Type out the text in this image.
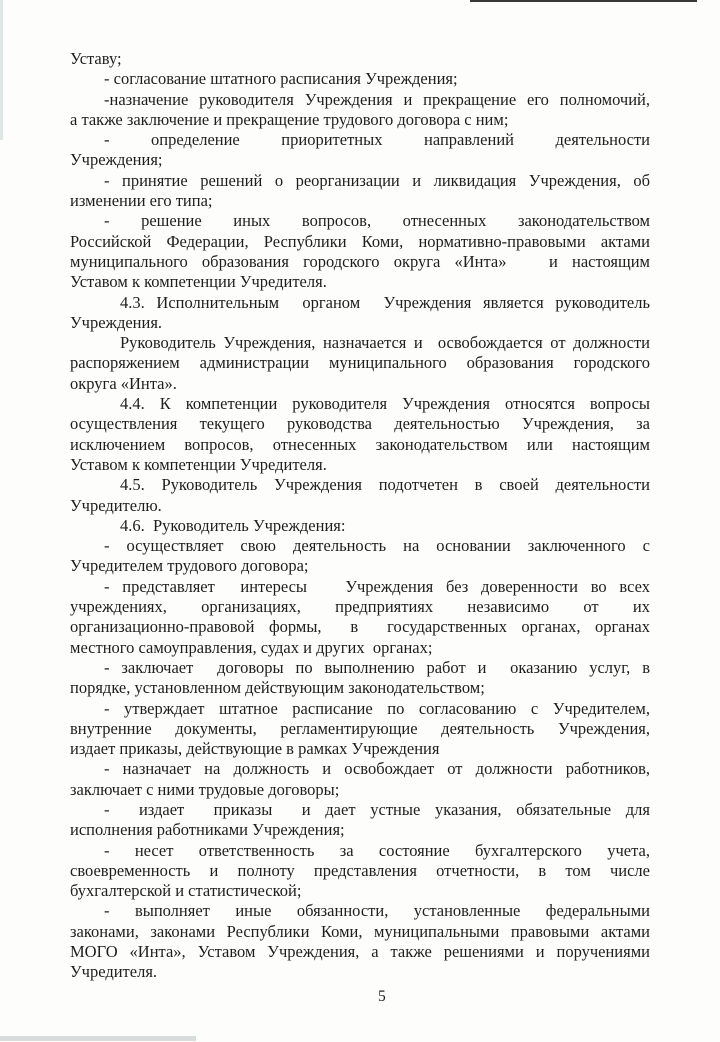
Уставу;
- согласование штатного расписания Учреждения;
-назначение руководителя Учреждения и прекращение его полномочий,
а также заключение и прекращение трудового договора с ним;
- определение приоритетных направлений деятельности
Учреждения;
- принятие решений о реорганизации и ликвидация Учреждения, об
изменении его типа;
- решение иных вопросов, отнесенных законодательством
Российской Федерации, Республики Коми, нормативно-правовыми актами
муниципального образования городского округа «Инта»   и настоящим
Уставом к компетенции Учредителя.
4.3. Исполнительным  органом  Учреждения является руководитель
Учреждения.
Руководитель Учреждения, назначается и  освобождается от должности
распоряжением администрации муниципального образования городского
округа «Инта».
4.4. К компетенции руководителя Учреждения относятся вопросы
осуществления текущего руководства деятельностью Учреждения, за
исключением вопросов, отнесенных законодательством или настоящим
Уставом к компетенции Учредителя.
4.5. Руководитель Учреждения подотчетен в своей деятельности
Учредителю.
4.6.  Руководитель Учреждения:
- осуществляет свою деятельность на основании заключенного с
Учредителем трудового договора;
- представляет  интересы   Учреждения без доверенности во всех
учреждениях, организациях, предприятиях независимо от их
организационно-правовой формы,  в  государственных органах, органах
местного самоуправления, судах и других  органах;
- заключает  договоры по выполнению работ и  оказанию услуг, в
порядке, установленном действующим законодательством;
- утверждает штатное расписание по согласованию с Учредителем,
внутренние документы, регламентирующие деятельность Учреждения,
издает приказы, действующие в рамках Учреждения
- назначает на должность и освобождает от должности работников,
заключает с ними трудовые договоры;
-  издает  приказы  и дает устные указания, обязательные для
исполнения работниками Учреждения;
- несет ответственность за состояние бухгалтерского учета,
своевременность и полноту представления отчетности, в том числе
бухгалтерской и статистической;
- выполняет иные обязанности, установленные федеральными
законами, законами Республики Коми, муниципальными правовыми актами
МОГО «Инта», Уставом Учреждения, а также решениями и поручениями
Учредителя.
5
